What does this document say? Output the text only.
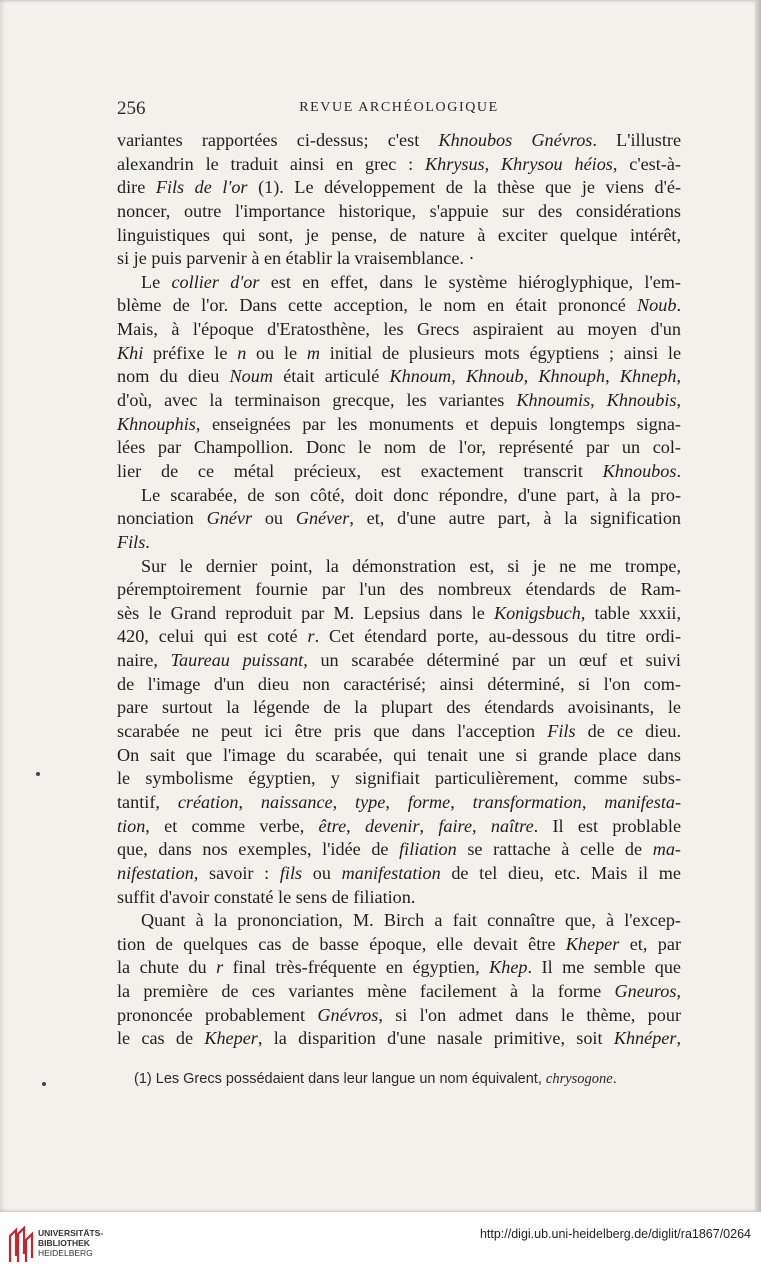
256	REVUE ARCHÉOLOGIQUE
variantes rapportées ci-dessus; c'est Khnoubos Gnévros. L'illustre
alexandrin le traduit ainsi en grec : Khrysus, Khrysou héios, c'est-à-
dire Fils de l'or (1). Le développement de la thèse que je viens d'é-
noncer, outre l'importance historique, s'appuie sur des considérations
linguistiques qui sont, je pense, de nature à exciter quelque intérêt,
si je puis parvenir à en établir la vraisemblance. ·
Le collier d'or est en effet, dans le système hiéroglyphique, l'em-
blème de l'or. Dans cette acception, le nom en était prononcé Noub.
Mais, à l'époque d'Eratosthène, les Grecs aspiraient au moyen d'un
Khi préfixe le n ou le m initial de plusieurs mots égyptiens ; ainsi le
nom du dieu Noum était articulé Khnoum, Khnoub, Khnouph, Khneph,
d'où, avec la terminaison grecque, les variantes Khnoumis, Khnoubis,
Khnouphis, enseignées par les monuments et depuis longtemps signa-
lées par Champollion. Donc le nom de l'or, représenté par un col-
lier de ce métal précieux, est exactement transcrit Khnoubos.
Le scarabée, de son côté, doit donc répondre, d'une part, à la pro-
nonciation Gnévr ou Gnéver, et, d'une autre part, à la signification
Fils.
Sur le dernier point, la démonstration est, si je ne me trompe,
péremptoirement fournie par l'un des nombreux étendards de Ram-
sès le Grand reproduit par M. Lepsius dans le Konigsbuch, table xxxii,
420, celui qui est coté r. Cet étendard porte, au-dessous du titre ordi-
naire, Taureau puissant, un scarabée déterminé par un œuf et suivi
de l'image d'un dieu non caractérisé; ainsi déterminé, si l'on com-
pare surtout la légende de la plupart des étendards avoisinants, le
scarabée ne peut ici être pris que dans l'acception Fils de ce dieu.
On sait que l'image du scarabée, qui tenait une si grande place dans
le symbolisme égyptien, y signifiait particulièrement, comme subs-
tantif, création, naissance, type, forme, transformation, manifesta-
tion, et comme verbe, être, devenir, faire, naître. Il est problable
que, dans nos exemples, l'idée de filiation se rattache à celle de ma-
nifestation, savoir : fils ou manifestation de tel dieu, etc. Mais il me
suffit d'avoir constaté le sens de filiation.
Quant à la prononciation, M. Birch a fait connaître que, à l'excep-
tion de quelques cas de basse époque, elle devait être Kheper et, par
la chute du r final très-fréquente en égyptien, Khep. Il me semble que
la première de ces variantes mène facilement à la forme Gneuros,
prononcée probablement Gnévros, si l'on admet dans le thème, pour
le cas de Kheper, la disparition d'une nasale primitive, soit Khnéper,
(1) Les Grecs possédaient dans leur langue un nom équivalent, chrysogone.
UNIVERSITÄTS-
BIBLIOTHEK
HEIDELBERG
http://digi.ub.uni-heidelberg.de/diglit/ra1867/0264
